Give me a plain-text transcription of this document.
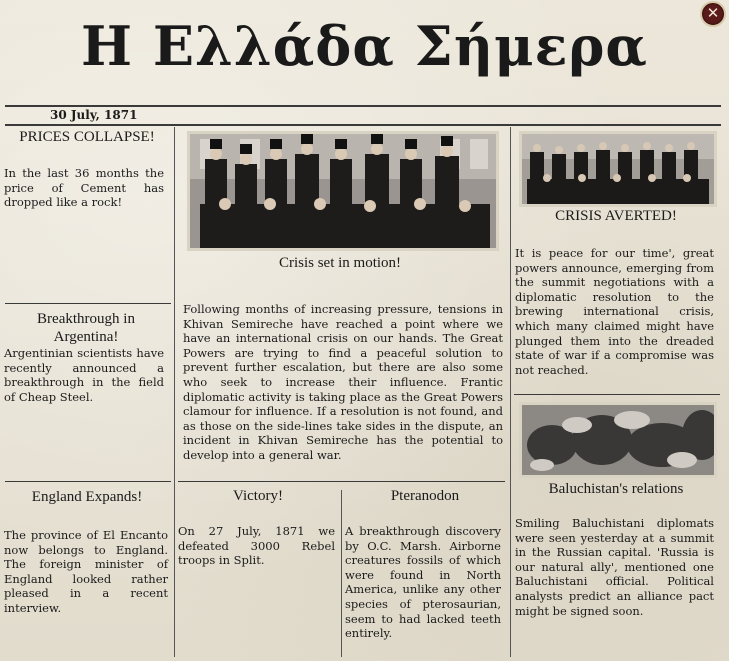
✕
Η Ελλάδα Σήμερα
30 July, 1871
PRICES COLLAPSE!
In the last 36 months the price of Cement has dropped like a rock!
Breakthrough in Argentina!
Argentinian scientists have recently announced a breakthrough in the field of Cheap Steel.
England Expands!
The province of El Encanto now belongs to England. The foreign minister of England looked rather pleased in a recent interview.
Crisis set in motion!
Following months of increasing pressure, tensions in Khivan Semireche have reached a point where we have an international crisis on our hands. The Great Powers are trying to find a peaceful solution to prevent further escalation, but there are also some who seek to increase their influence. Frantic diplomatic activity is taking place as the Great Powers clamour for influence. If a resolution is not found, and as those on the side-lines take sides in the dispute, an incident in Khivan Semireche has the potential to develop into a general war.
Victory!
On 27 July, 1871 we defeated 3000 Rebel troops in Split.
Pteranodon
A breakthrough discovery by O.C. Marsh. Airborne creatures fossils of which were found in North America, unlike any other species of pterosaurian, seem to had lacked teeth entirely.
CRISIS AVERTED!
It is peace for our time', great powers announce, emerging from the summit negotiations with a diplomatic resolution to the brewing international crisis, which many claimed might have plunged them into the dreaded state of war if a compromise was not reached.
Baluchistan's relations
Smiling Baluchistani diplomats were seen yesterday at a summit in the Russian capital. 'Russia is our natural ally', mentioned one Baluchistani official. Political analysts predict an alliance pact might be signed soon.
